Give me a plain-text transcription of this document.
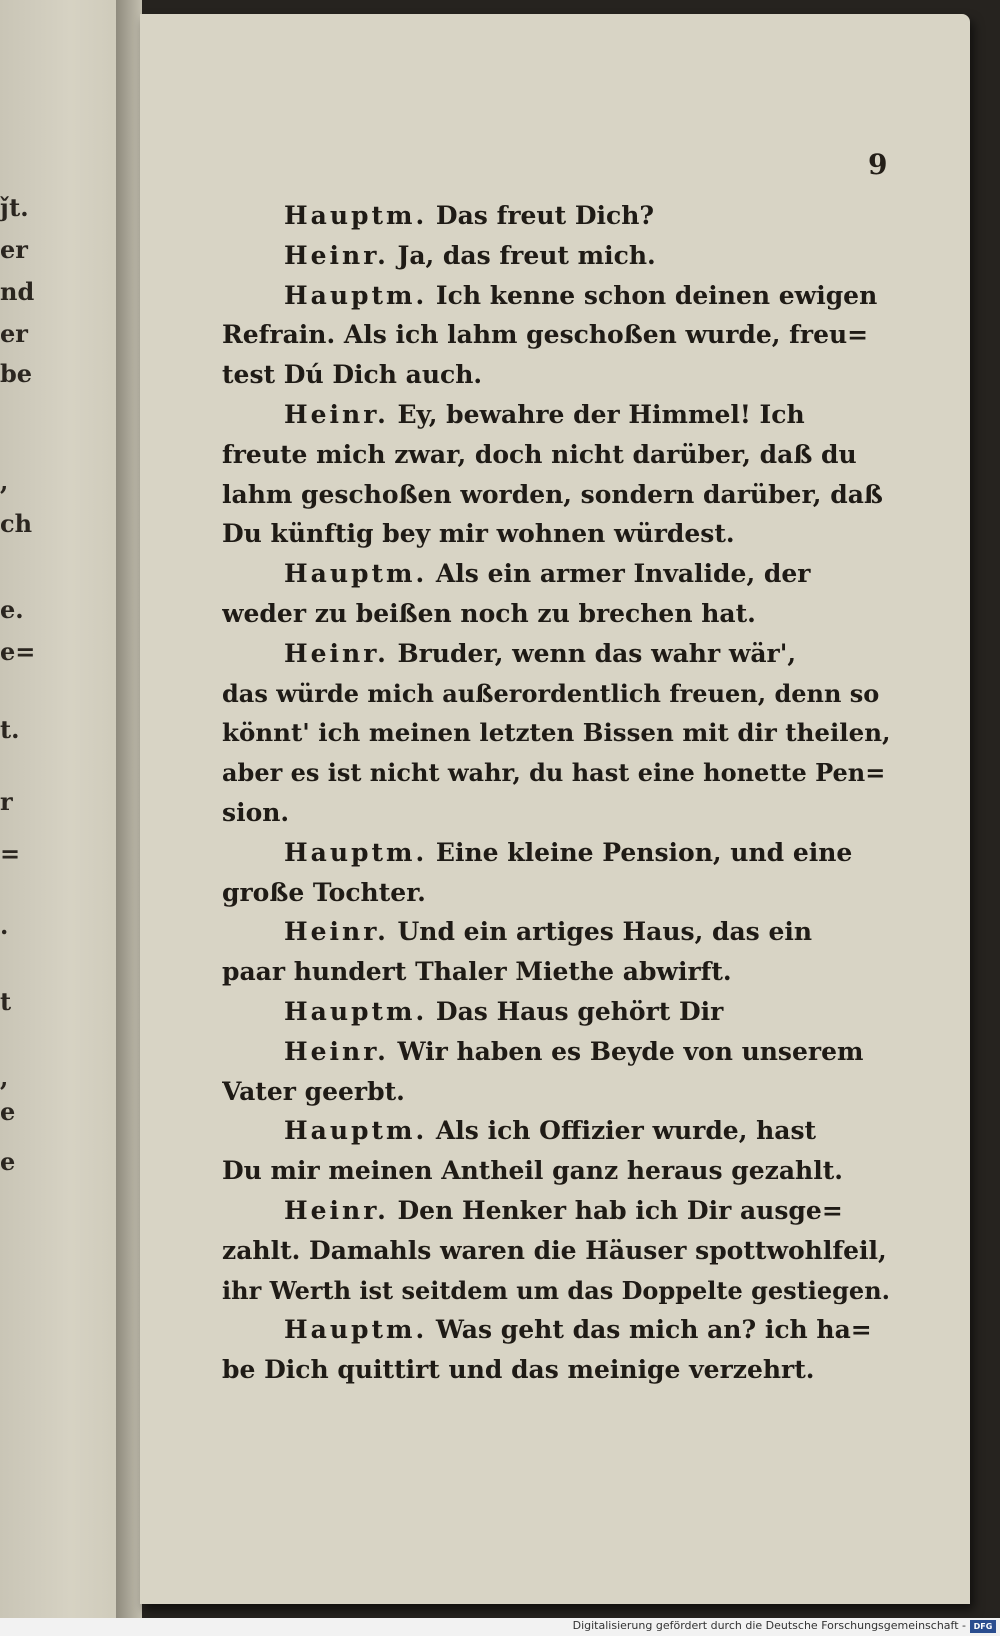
ǰt.
er
nd
er
be
,
ch
e.
e=
t.
r
=
.
t
,
e
e
9
Hauptm. Das freut Dich?
Heinr. Ja, das freut mich.
Hauptm. Ich kenne schon deinen ewigen
Refrain. Als ich lahm geschoßen wurde, freu=
test Dú Dich auch.
Heinr. Ey, bewahre der Himmel! Ich
freute mich zwar, doch nicht darüber, daß du
lahm geschoßen worden, sondern darüber, daß
Du künftig bey mir wohnen würdest.
Hauptm. Als ein armer Invalide, der
weder zu beißen noch zu brechen hat.
Heinr. Bruder, wenn das wahr wär',
das würde mich außerordentlich freuen, denn so
könnt' ich meinen letzten Bissen mit dir theilen,
aber es ist nicht wahr, du hast eine honette Pen=
sion.
Hauptm. Eine kleine Pension, und eine
große Tochter.
Heinr. Und ein artiges Haus, das ein
paar hundert Thaler Miethe abwirft.
Hauptm. Das Haus gehört Dir
Heinr. Wir haben es Beyde von unserem
Vater geerbt.
Hauptm. Als ich Offizier wurde, hast
Du mir meinen Antheil ganz heraus gezahlt.
Heinr. Den Henker hab ich Dir ausge=
zahlt. Damahls waren die Häuser spottwohlfeil,
ihr Werth ist seitdem um das Doppelte gestiegen.
Hauptm. Was geht das mich an? ich ha=
be Dich quittirt und das meinige verzehrt.
Digitalisierung gefördert durch die Deutsche Forschungsgemeinschaft - DFG
